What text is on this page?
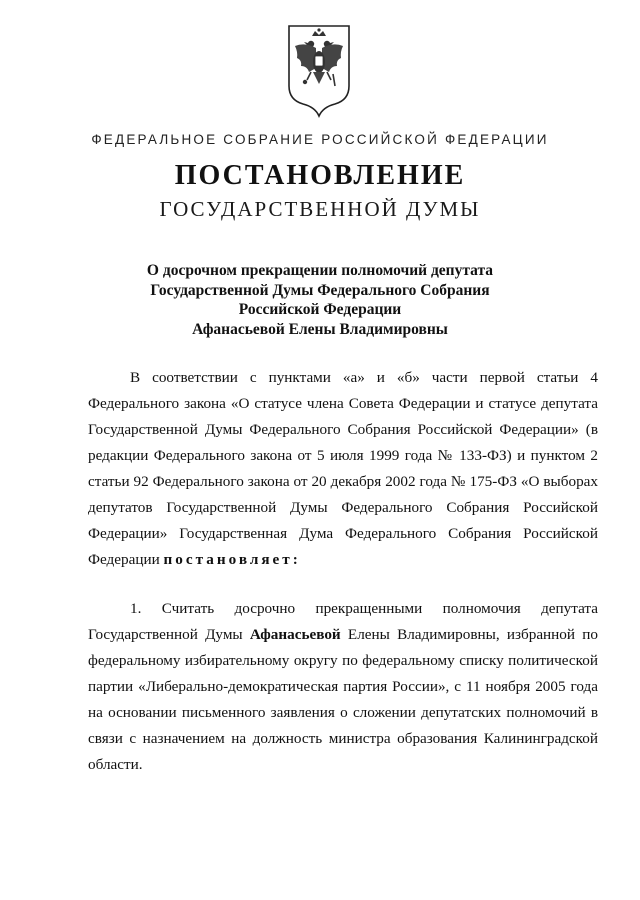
ФЕДЕРАЛЬНОЕ СОБРАНИЕ РОССИЙСКОЙ ФЕДЕРАЦИИ
ПОСТАНОВЛЕНИЕ
ГОСУДАРСТВЕННОЙ ДУМЫ
О досрочном прекращении полномочий депутата
Государственной Думы Федерального Собрания
Российской Федерации
Афанасьевой Елены Владимировны
В соответствии с пунктами «а» и «б» части первой статьи 4 Федерального закона «О статусе члена Совета Федерации и статусе депутата Государственной Думы Федерального Собрания Российской Федерации» (в редакции Федерального закона от 5 июля 1999 года № 133-ФЗ) и пунктом 2 статьи 92 Федерального закона от 20 декабря 2002 года № 175-ФЗ «О выборах депутатов Государственной Думы Федерального Собрания Российской Федерации» Государственная Дума Федерального Собрания Российской Федерации постановляет:
1. Считать досрочно прекращенными полномочия депутата Государственной Думы Афанасьевой Елены Владимировны, избранной по федеральному избирательному округу по федеральному списку политической партии «Либерально-демократическая партия России», с 11 ноября 2005 года на основании письменного заявления о сложении депутатских полномочий в связи с назначением на должность министра образования Калининградской области.
